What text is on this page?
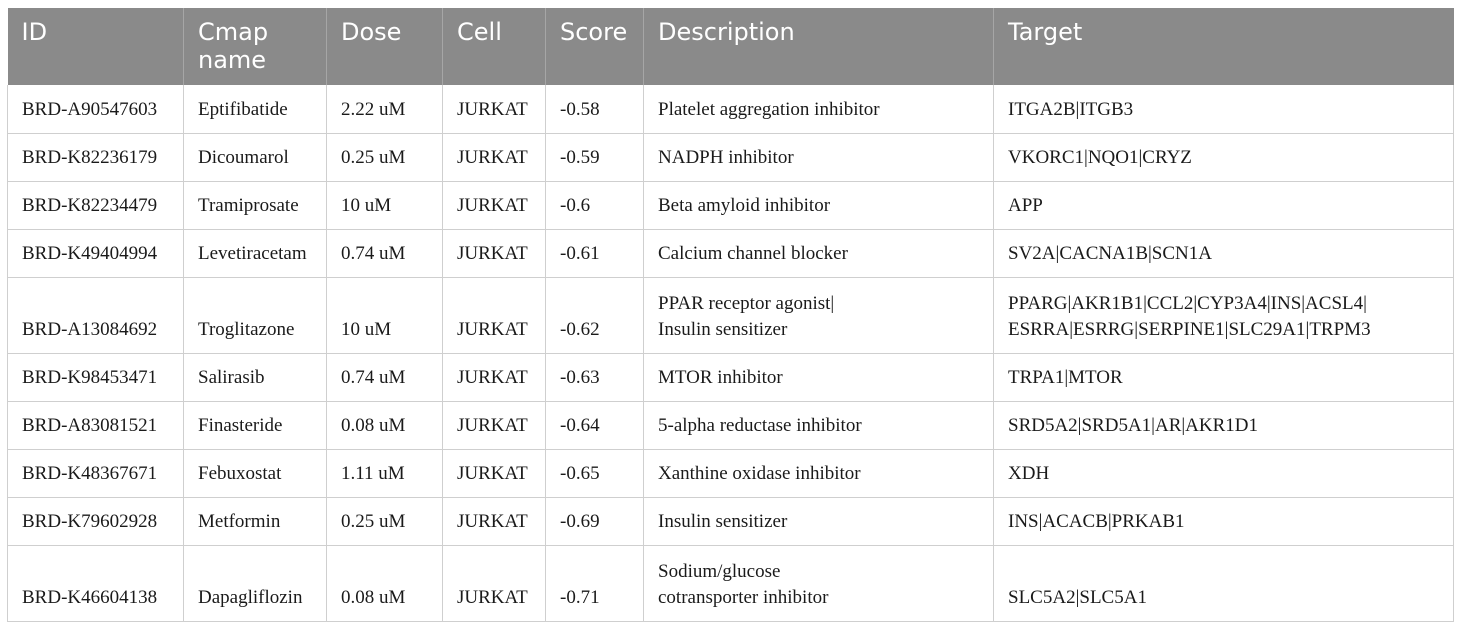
ID	Cmap name	Dose	Cell	Score	Description	Target
BRD-A90547603	Eptifibatide	2.22 uM	JURKAT	-0.58	Platelet aggregation inhibitor	ITGA2B|ITGB3

BRD-K82236179	Dicoumarol	0.25 uM	JURKAT	-0.59	NADPH inhibitor	VKORC1|NQO1|CRYZ

BRD-K82234479	Tramiprosate	10 uM	JURKAT	-0.6	Beta amyloid inhibitor	APP

BRD-K49404994	Levetiracetam	0.74 uM	JURKAT	-0.61	Calcium channel blocker	SV2A|CACNA1B|SCN1A

BRD-A13084692	Troglitazone	10 uM	JURKAT	-0.62	PPAR receptor agonist|
Insulin sensitizer	PPARG|AKR1B1|CCL2|CYP3A4|INS|ACSL4|
ESRRA|ESRRG|SERPINE1|SLC29A1|TRPM3

BRD-K98453471	Salirasib	0.74 uM	JURKAT	-0.63	MTOR inhibitor	TRPA1|MTOR

BRD-A83081521	Finasteride	0.08 uM	JURKAT	-0.64	5-alpha reductase inhibitor	SRD5A2|SRD5A1|AR|AKR1D1

BRD-K48367671	Febuxostat	1.11 uM	JURKAT	-0.65	Xanthine oxidase inhibitor	XDH

BRD-K79602928	Metformin	0.25 uM	JURKAT	-0.69	Insulin sensitizer	INS|ACACB|PRKAB1

BRD-K46604138	Dapagliflozin	0.08 uM	JURKAT	-0.71	Sodium/glucose
cotransporter inhibitor	SLC5A2|SLC5A1
